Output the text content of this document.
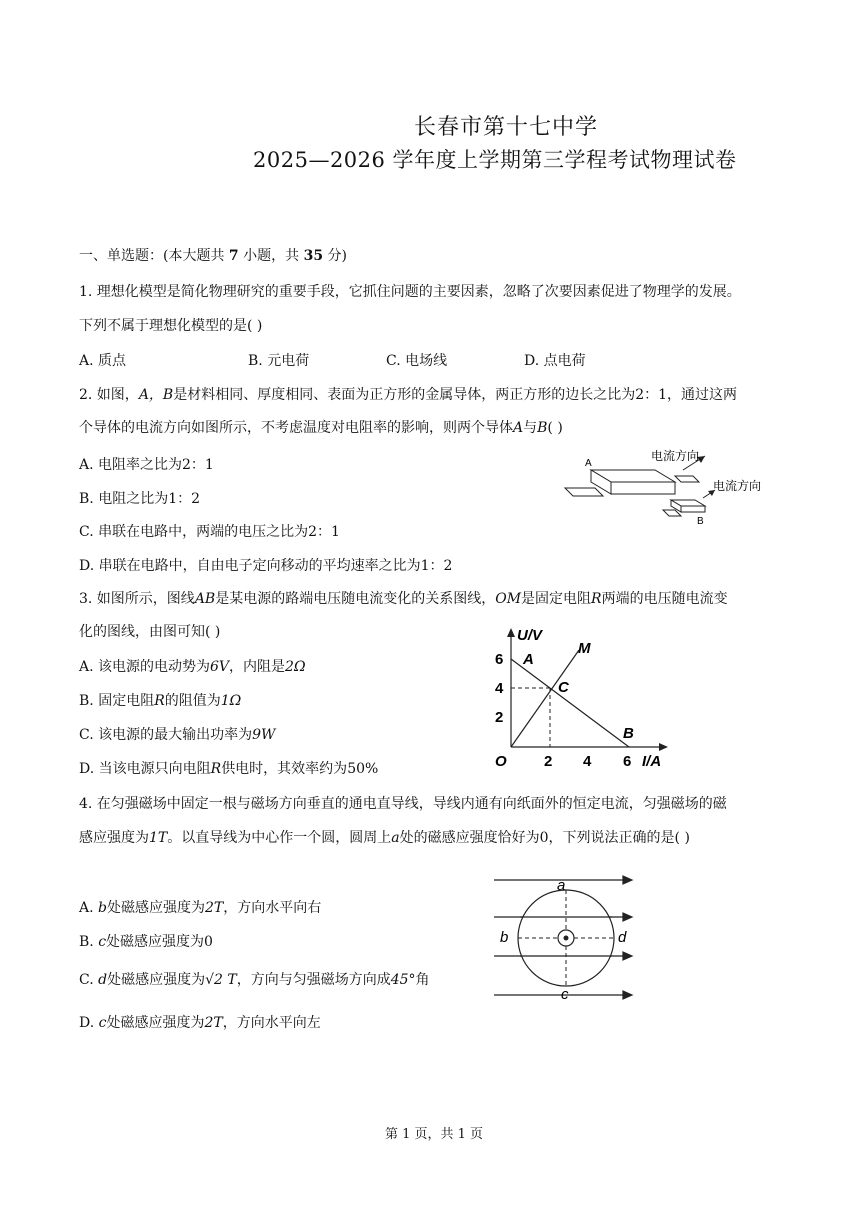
长春市第十七中学
2025—2026 学年度上学期第三学程考试物理试卷
一、单选题：(本大题共 7 小题，共 35 分)
1. 理想化模型是简化物理研究的重要手段，它抓住问题的主要因素，忽略了次要因素促进了物理学的发展。
下列不属于理想化模型的是( )
A. 质点	B. 元电荷	C. 电场线	D. 点电荷
2. 如图，A，B是材料相同、厚度相同、表面为正方形的金属导体，两正方形的边长之比为2：1，通过这两
个导体的电流方向如图所示，不考虑温度对电阻率的影响，则两个导体A与B( )
A. 电阻率之比为2：1
B. 电阻之比为1：2
C. 串联在电路中，两端的电压之比为2：1
D. 串联在电路中，自由电子定向移动的平均速率之比为1：2
A
电流方向
B
电流方向
3. 如图所示，图线AB是某电源的路端电压随电流变化的关系图线，OM是固定电阻R两端的电压随电流变
化的图线，由图可知( )
A. 该电源的电动势为6V，内阻是2Ω
B. 固定电阻R的阻值为1Ω
C. 该电源的最大输出功率为9W
D. 当该电源只向电阻R供电时，其效率约为50%
U/V
I/A
6
4
2
2 4 6
O
A
B
C
M
4. 在匀强磁场中固定一根与磁场方向垂直的通电直导线，导线内通有向纸面外的恒定电流，匀强磁场的磁
感应强度为1T。以直导线为中心作一个圆，圆周上a处的磁感应强度恰好为0，下列说法正确的是( )
A. b处磁感应强度为2T，方向水平向右
B. c处磁感应强度为0
C. d处磁感应强度为√2 T，方向与匀强磁场方向成45°角
D. c处磁感应强度为2T，方向水平向左
a
b
c
d
第 1 页，共 1 页
